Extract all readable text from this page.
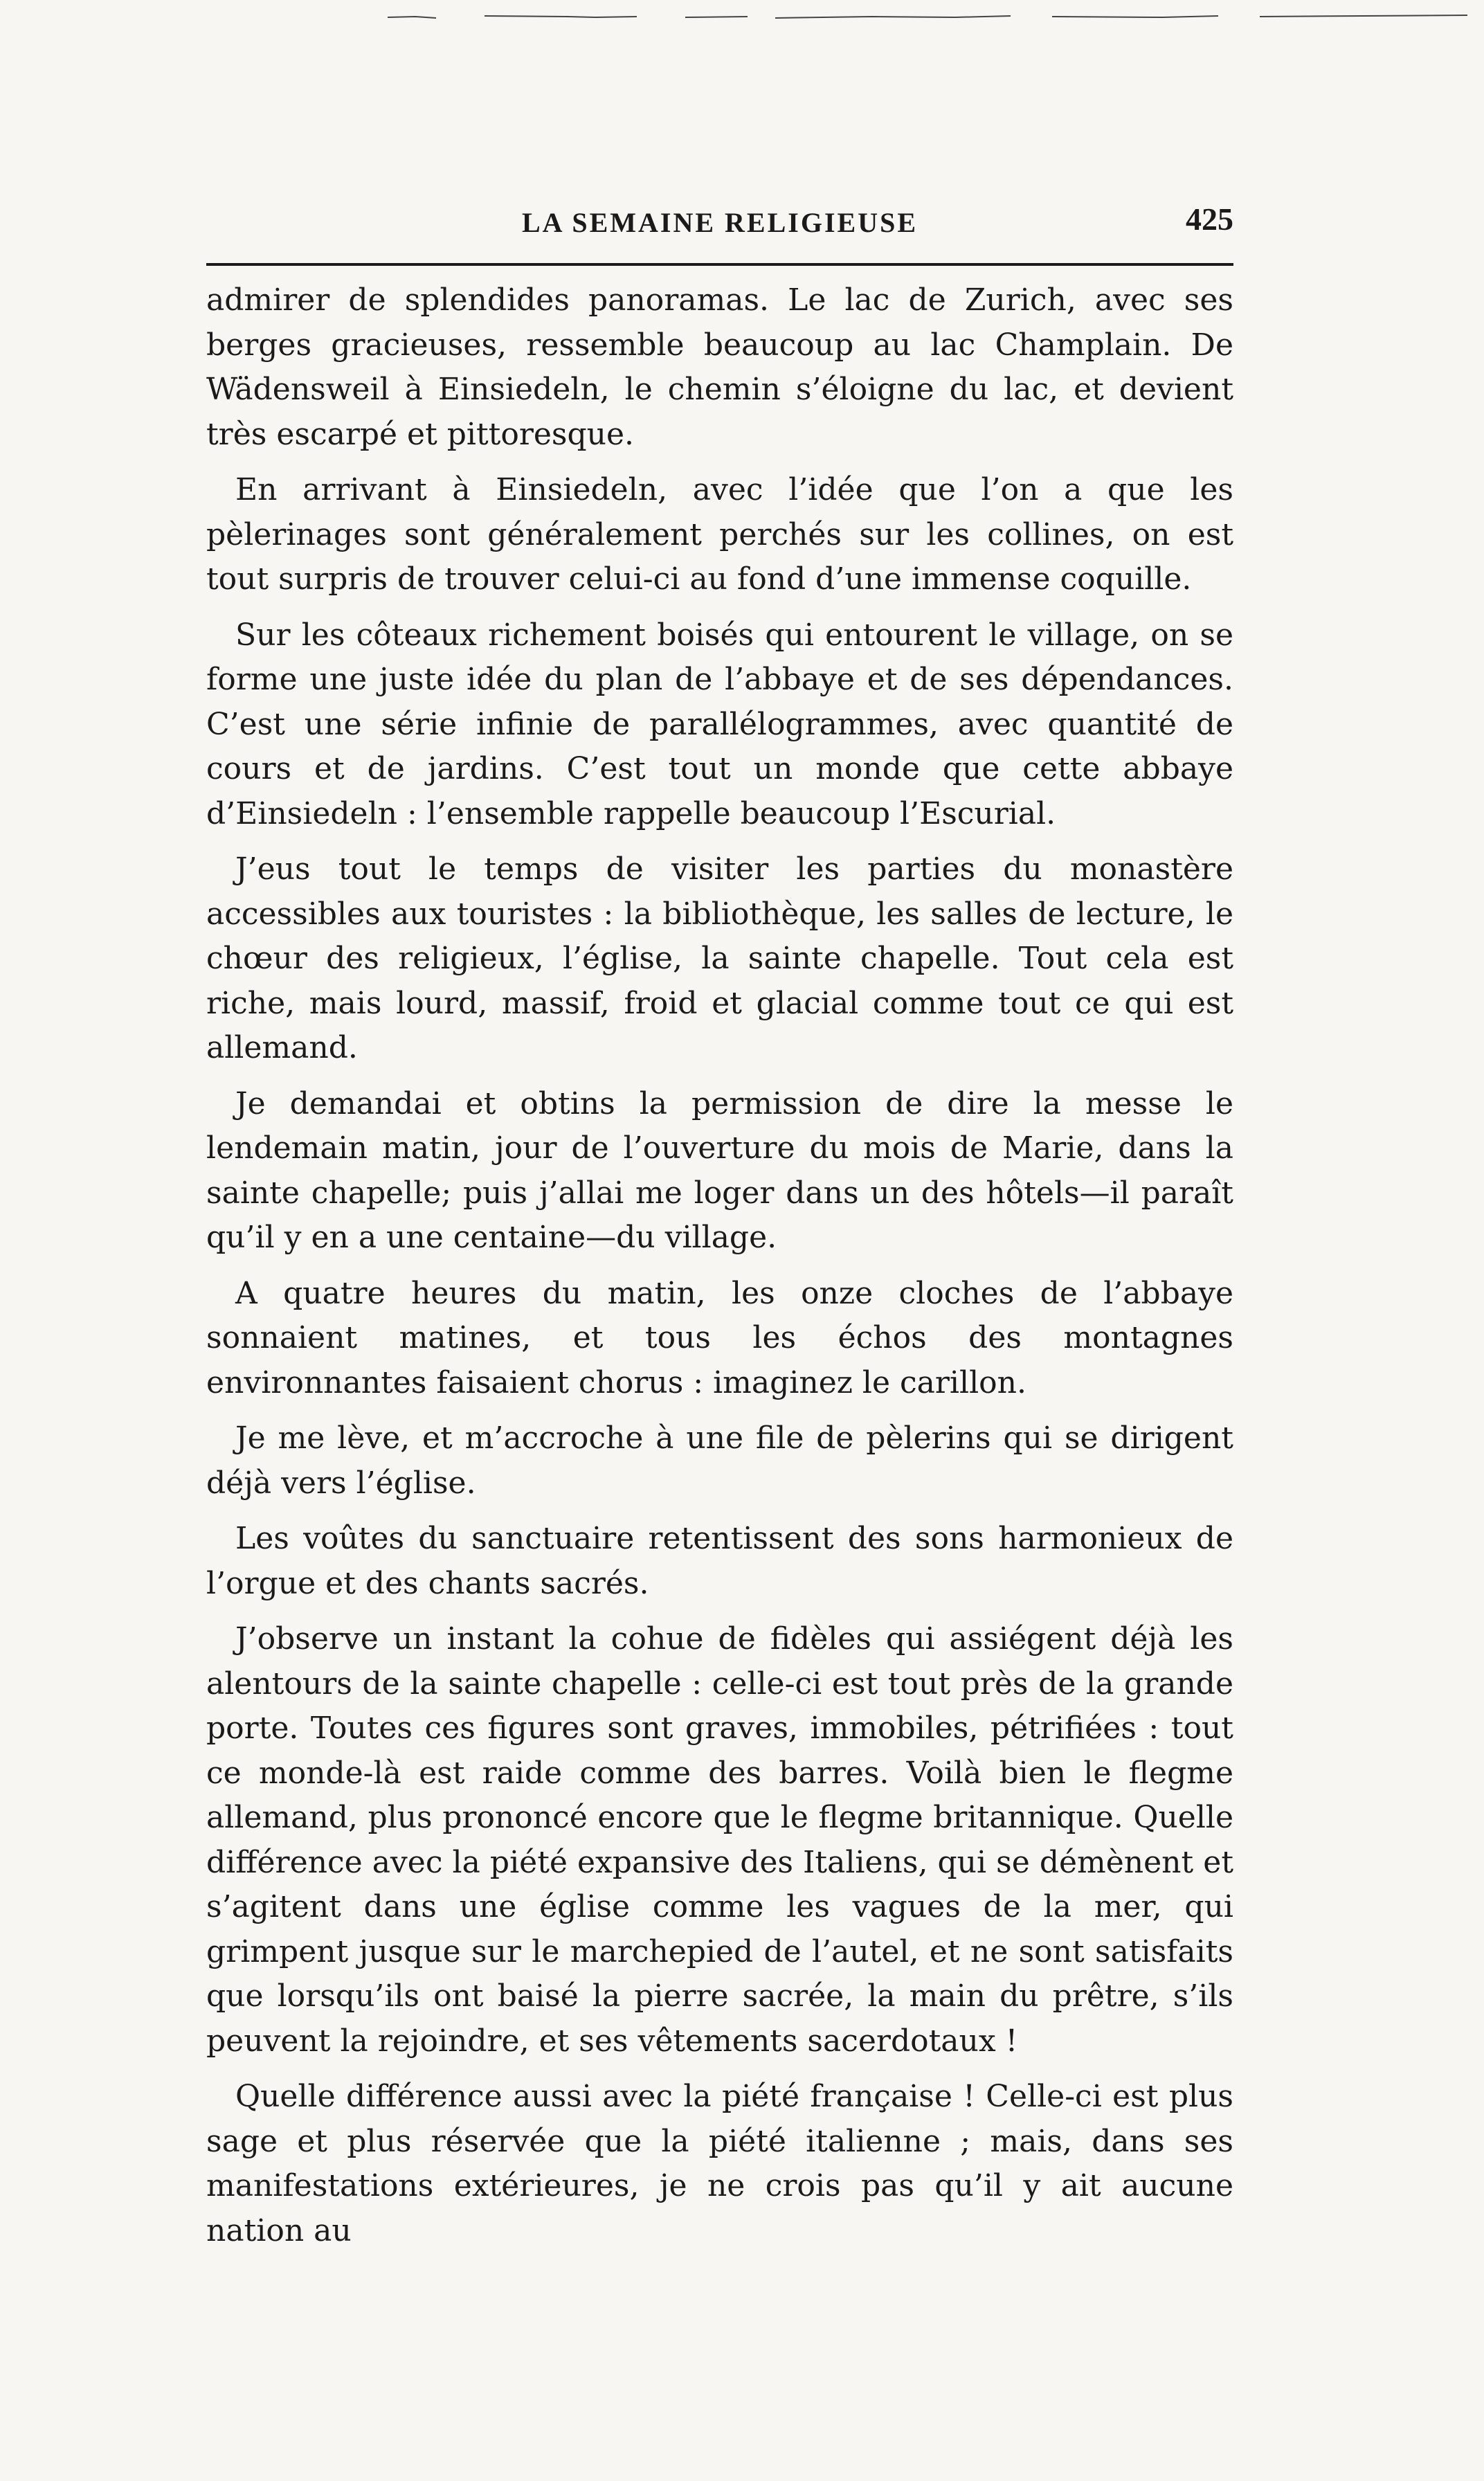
LA SEMAINE RELIGIEUSE	425

admirer de splendides panoramas. Le lac de Zurich, avec ses berges gracieuses, ressemble beaucoup au lac Champlain. De Wädensweil à Einsiedeln, le chemin s’éloigne du lac, et devient très escarpé et pittoresque.

En arrivant à Einsiedeln, avec l’idée que l’on a que les pèlerinages sont généralement perchés sur les collines, on est tout surpris de trouver celui-ci au fond d’une immense coquille.

Sur les côteaux richement boisés qui entourent le village, on se forme une juste idée du plan de l’abbaye et de ses dépendances. C’est une série infinie de parallélogrammes, avec quantité de cours et de jardins. C’est tout un monde que cette abbaye d’Einsiedeln : l’ensemble rappelle beaucoup l’Escurial.

J’eus tout le temps de visiter les parties du monastère accessibles aux touristes : la bibliothèque, les salles de lecture, le chœur des religieux, l’église, la sainte chapelle. Tout cela est riche, mais lourd, massif, froid et glacial comme tout ce qui est allemand.

Je demandai et obtins la permission de dire la messe le lendemain matin, jour de l’ouverture du mois de Marie, dans la sainte chapelle; puis j’allai me loger dans un des hôtels—il paraît qu’il y en a une centaine—du village.

A quatre heures du matin, les onze cloches de l’abbaye sonnaient matines, et tous les échos des montagnes environnantes faisaient chorus : imaginez le carillon.

Je me lève, et m’accroche à une file de pèlerins qui se dirigent déjà vers l’église.

Les voûtes du sanctuaire retentissent des sons harmonieux de l’orgue et des chants sacrés.

J’observe un instant la cohue de fidèles qui assiégent déjà les alentours de la sainte chapelle : celle-ci est tout près de la grande porte. Toutes ces figures sont graves, immobiles, pétrifiées : tout ce monde-là est raide comme des barres. Voilà bien le flegme allemand, plus prononcé encore que le flegme britannique. Quelle différence avec la piété expansive des Italiens, qui se démènent et s’agitent dans une église comme les vagues de la mer, qui grimpent jusque sur le marchepied de l’autel, et ne sont satisfaits que lorsqu’ils ont baisé la pierre sacrée, la main du prêtre, s’ils peuvent la rejoindre, et ses vêtements sacerdotaux !

Quelle différence aussi avec la piété française ! Celle-ci est plus sage et plus réservée que la piété italienne ; mais, dans ses manifestations extérieures, je ne crois pas qu’il y ait aucune nation au
